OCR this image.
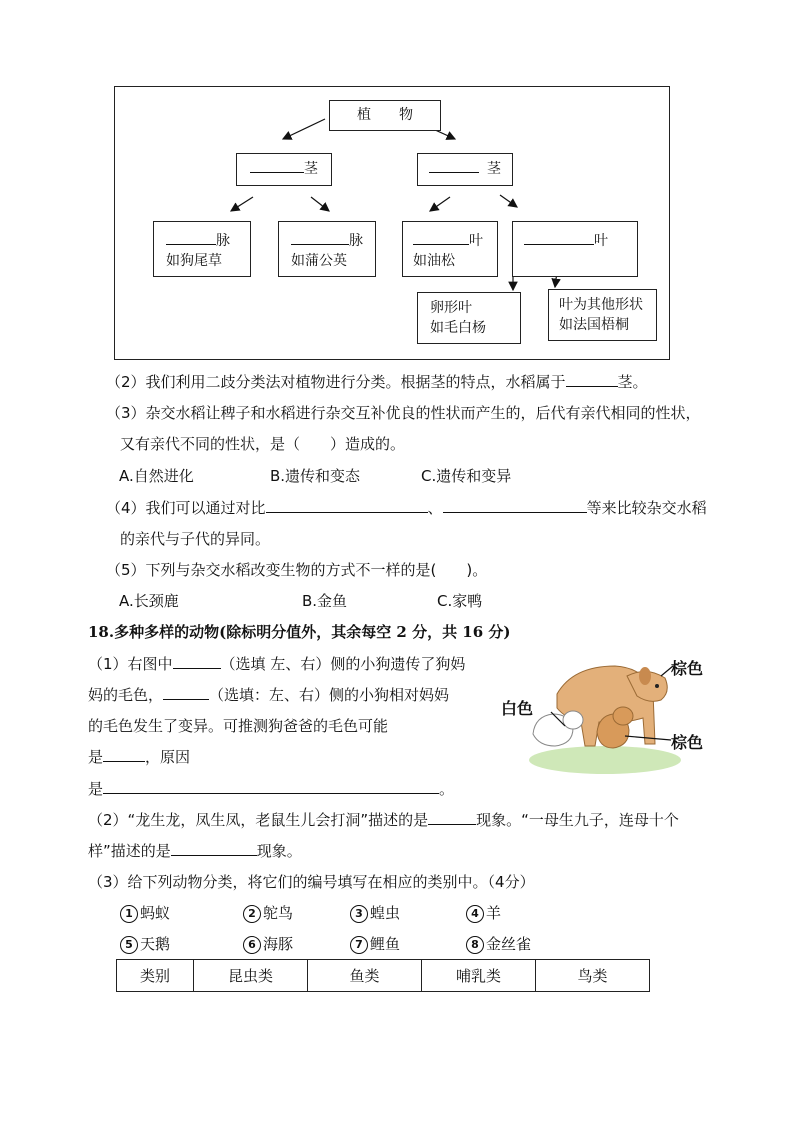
植　　物
茎	茎
脉
如狗尾草
脉
如蒲公英
叶
如油松
叶
卵形叶
如毛白杨
叶为其他形状
如法国梧桐
（2）我们利用二歧分类法对植物进行分类。根据茎的特点，水稻属于	茎。
（3）杂交水稻让稗子和水稻进行杂交互补优良的性状而产生的，后代有亲代相同的性状，
又有亲代不同的性状，是（　　）造成的。
A.自然进化	B.遗传和变态	C.遗传和变异
（4）我们可以通过对比	、	等来比较杂交水稻
的亲代与子代的异同。
（5）下列与杂交水稻改变生物的方式不一样的是(　　)。
A.长颈鹿	B.金鱼	C.家鸭
18.多种多样的动物(除标明分值外，其余每空 2 分，共 16 分)
（1）右图中	（选填 左、右）侧的小狗遗传了狗妈
妈的毛色，	（选填：左、右）侧的小狗相对妈妈
的毛色发生了变异。可推测狗爸爸的毛色可能
是	，原因
是	。
棕色
白色
棕色
（2）“龙生龙，凤生凤，老鼠生儿会打洞”描述的是	现象。“一母生九子，连母十个
样”描述的是	现象。
（3）给下列动物分类，将它们的编号填写在相应的类别中。（4分）
1 蚂蚁	2 鸵鸟	3 蝗虫	4 羊
5 天鹅	6 海豚	7 鲤鱼	8 金丝雀
类别	昆虫类	鱼类	哺乳类	鸟类
